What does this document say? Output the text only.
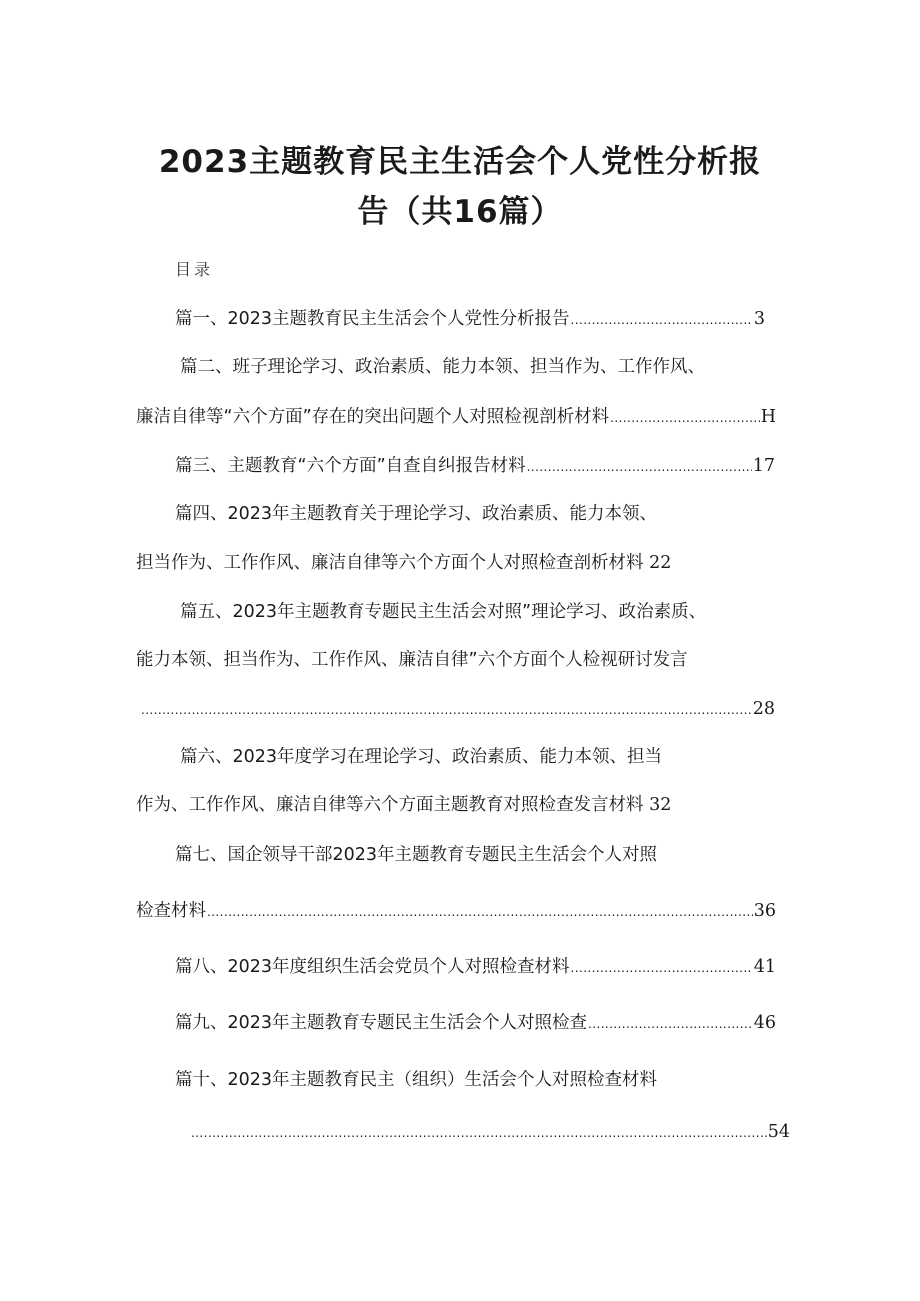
2023主题教育民主生活会个人党性分析报
告（共16篇）
目录
篇一、2023主题教育民主生活会个人党性分析报告 .....	3
篇二、班子理论学习、政治素质、能力本领、担当作为、工作作风、
廉洁自律等“六个方面”存在的突出问题个人对照检视剖析材料 .....	H
篇三、主题教育“六个方面”自查自纠报告材料 .....	17
篇四、2023年主题教育关于理论学习、政治素质、能力本领、
担当作为、工作作风、廉洁自律等六个方面个人对照检查剖析材料 22
篇五、2023年主题教育专题民主生活会对照”理论学习、政治素质、
能力本领、担当作为、工作作风、廉洁自律”六个方面个人检视研讨发言
.....
28
篇六、2023年度学习在理论学习、政治素质、能力本领、担当
作为、工作作风、廉洁自律等六个方面主题教育对照检查发言材料 32
篇七、国企领导干部2023年主题教育专题民主生活会个人对照
检查材料 .....	36
篇八、2023年度组织生活会党员个人对照检查材料 .....	41
篇九、2023年主题教育专题民主生活会个人对照检查 .....	46
篇十、2023年主题教育民主（组织）生活会个人对照检查材料
.....
54
